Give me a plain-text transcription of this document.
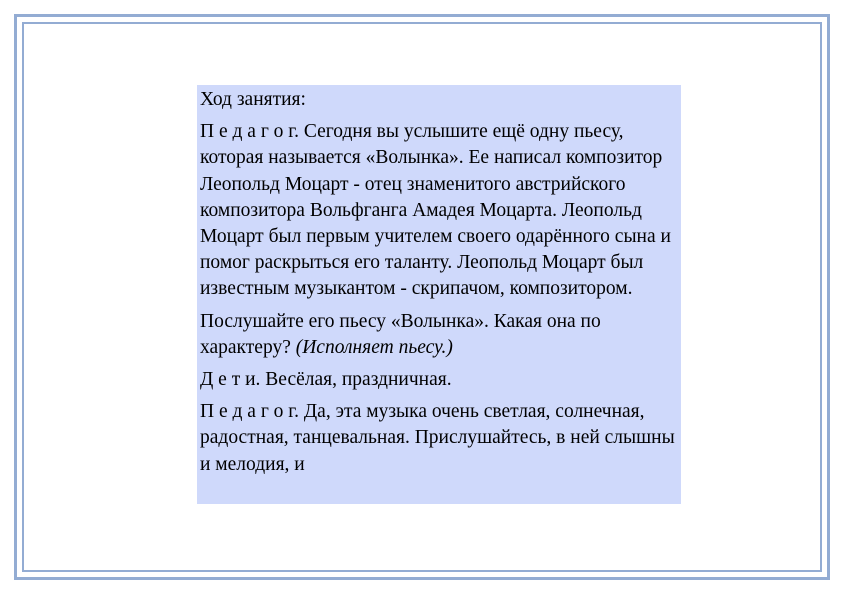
Ход занятия:

П е д а г о г. Сегодня вы услышите ещё одну пьесу, которая называется «Волынка». Ее написал композитор Леопольд Моцарт - отец знаменитого австрийского композитора Вольфганга Амадея Моцарта. Леопольд Моцарт был первым учителем своего одарённого сына и помог раскрыться его таланту. Леопольд Моцарт был известным музыкантом - скрипачом, композитором.

Послушайте его пьесу «Волынка». Какая она по характеру? (Исполняет пьесу.)

Д е т и. Весёлая, праздничная.

П е д а г о г. Да, эта музыка очень светлая, солнечная, радостная, танцевальная. Прислушайтесь, в ней слышны и мелодия, и
